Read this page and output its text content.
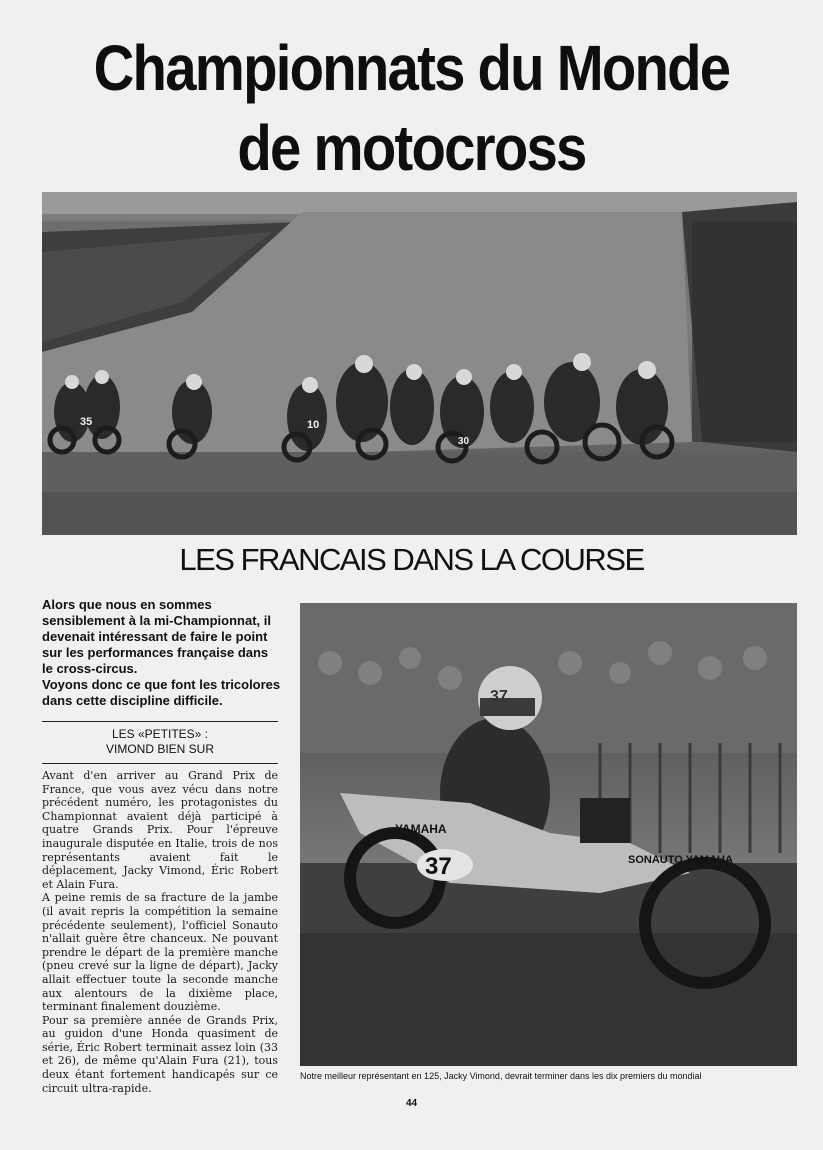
Championnats du Monde
de motocross
35	10
30
LES FRANCAIS DANS LA COURSE

Alors que nous en sommes sensiblement à la mi-Championnat, il devenait intéressant de faire le point sur les performances française dans le cross-circus.

Voyons donc ce que font les tricolores dans cette discipline difficile.

LES «PETITES» :
VIMOND BIEN SUR

Avant d'en arriver au Grand Prix de France, que vous avez vécu dans notre précédent numéro, les protagonistes du Championnat avaient déjà participé à quatre Grands Prix. Pour l'épreuve inaugurale disputée en Italie, trois de nos représentants avaient fait le déplacement, Jacky Vimond, Éric Robert et Alain Fura.

A peine remis de sa fracture de la jambe (il avait repris la compétition la semaine précédente seulement), l'officiel Sonauto n'allait guère être chanceux. Ne pouvant prendre le départ de la première manche (pneu crevé sur la ligne de départ), Jacky allait effectuer toute la seconde manche aux alentours de la dixième place, terminant finalement douzième.

Pour sa première année de Grands Prix, au guidon d'une Honda quasiment de série, Éric Robert terminait assez loin (33 et 26), de même qu'Alain Fura (21), tous deux étant fortement handicapés sur ce circuit ultra-rapide.

37
YAMAHA
SONAUTO YAMAHA
37
Notre meilleur représentant en 125, Jacky Vimond, devrait terminer dans les dix premiers du mondial
44
